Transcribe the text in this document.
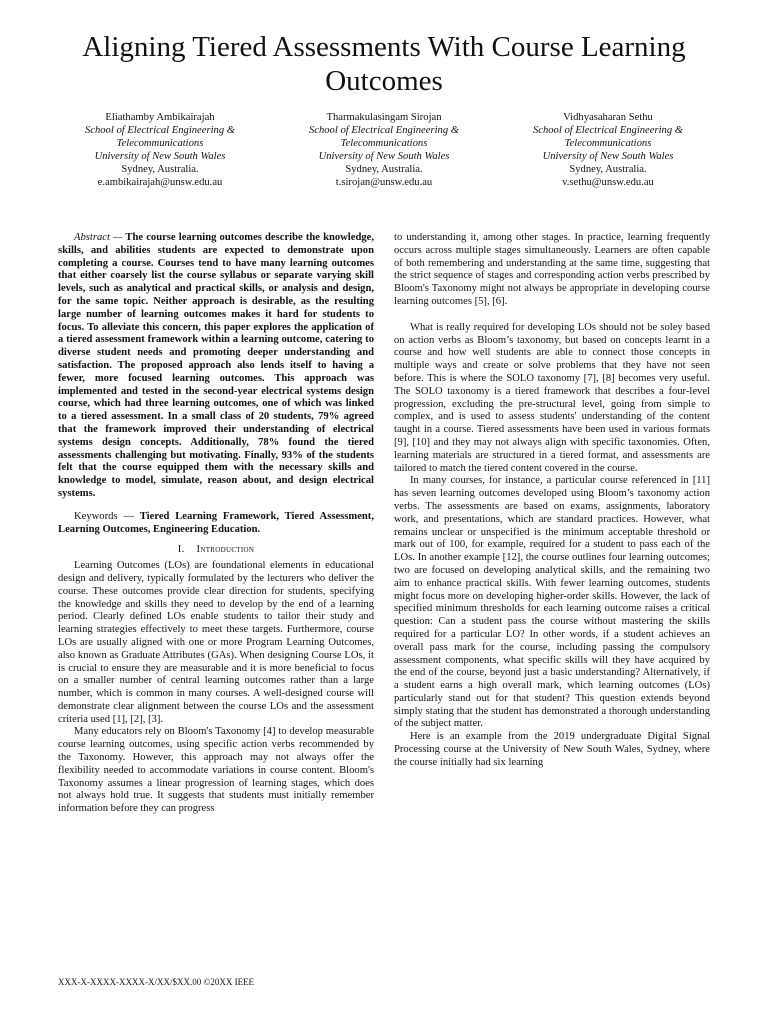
Aligning Tiered Assessments With Course Learning Outcomes
Eliathamby Ambikairajah
School of Electrical Engineering & Telecommunications
University of New South Wales
Sydney, Australia.
e.ambikairajah@unsw.edu.au
Tharmakulasingam Sirojan
School of Electrical Engineering & Telecommunications
University of New South Wales
Sydney, Australia.
t.sirojan@unsw.edu.au
Vidhyasaharan Sethu
School of Electrical Engineering & Telecommunications
University of New South Wales
Sydney, Australia.
v.sethu@unsw.edu.au

Abstract — The course learning outcomes describe the knowledge, skills, and abilities students are expected to demonstrate upon completing a course. Courses tend to have many learning outcomes that either coarsely list the course syllabus or separate varying skill levels, such as analytical and practical skills, or analysis and design, for the same topic. Neither approach is desirable, as the resulting large number of learning outcomes makes it hard for students to focus. To alleviate this concern, this paper explores the application of a tiered assessment framework within a learning outcome, catering to diverse student needs and promoting deeper understanding and satisfaction. The proposed approach also lends itself to having a fewer, more focused learning outcomes. This approach was implemented and tested in the second-year electrical systems design course, which had three learning outcomes, one of which was linked to a tiered assessment. In a small class of 20 students, 79% agreed that the framework improved their understanding of electrical systems design concepts. Additionally, 78% found the tiered assessments challenging but motivating. Finally, 93% of the students felt that the course equipped them with the necessary skills and knowledge to model, simulate, reason about, and design electrical systems.

Keywords — Tiered Learning Framework, Tiered Assessment, Learning Outcomes, Engineering Education.

I. Introduction

Learning Outcomes (LOs) are foundational elements in educational design and delivery, typically formulated by the lecturers who deliver the course. These outcomes provide clear direction for students, specifying the knowledge and skills they need to develop by the end of a learning period. Clearly defined LOs enable students to tailor their study and learning strategies effectively to meet these targets. Furthermore, course LOs are usually aligned with one or more Program Learning Outcomes, also known as Graduate Attributes (GAs). When designing Course LOs, it is crucial to ensure they are measurable and it is more beneficial to focus on a smaller number of central learning outcomes rather than a large number, which is common in many courses. A well-designed course will demonstrate clear alignment between the course LOs and the assessment criteria used [1], [2], [3].

Many educators rely on Bloom's Taxonomy [4] to develop measurable course learning outcomes, using specific action verbs recommended by the Taxonomy. However, this approach may not always offer the flexibility needed to accommodate variations in course content. Bloom's Taxonomy assumes a linear progression of learning stages, which does not always hold true. It suggests that students must initially remember information before they can progress

to understanding it, among other stages. In practice, learning frequently occurs across multiple stages simultaneously. Learners are often capable of both remembering and understanding at the same time, suggesting that the strict sequence of stages and corresponding action verbs prescribed by Bloom's Taxonomy might not always be appropriate in developing course learning outcomes [5], [6].

What is really required for developing LOs should not be soley based on action verbs as Bloom’s taxonomy, but based on concepts learnt in a course and how well students are able to connect those concepts in multiple ways and create or solve problems that they have not seen before. This is where the SOLO taxonomy [7], [8] becomes very useful. The SOLO taxonomy is a tiered framework that describes a four-level progression, excluding the pre-structural level, going from simple to complex, and is used to assess students' understanding of the content taught in a course. Tiered assessments have been used in various formats [9], [10] and they may not always align with specific taxonomies. Often, learning materials are structured in a tiered format, and assessments are tailored to match the tiered content covered in the course.

In many courses, for instance, a particular course referenced in [11] has seven learning outcomes developed using Bloom’s taxonomy action verbs. The assessments are based on exams, assignments, laboratory work, and presentations, which are standard practices. However, what remains unclear or unspecified is the minimum acceptable threshold or mark out of 100, for example, required for a student to pass each of the LOs. In another example [12], the course outlines four learning outcomes; two are focused on developing analytical skills, and the remaining two aim to enhance practical skills. With fewer learning outcomes, students might focus more on developing higher-order skills. However, the lack of specified minimum thresholds for each learning outcome raises a critical question: Can a student pass the course without mastering the skills required for a particular LO? In other words, if a student achieves an overall pass mark for the course, including passing the compulsory assessment components, what specific skills will they have acquired by the end of the course, beyond just a basic understanding? Alternatively, if a student earns a high overall mark, which learning outcomes (LOs) particularly stand out for that student? This question extends beyond simply stating that the student has demonstrated a thorough understanding of the subject matter.

Here is an example from the 2019 undergraduate Digital Signal Processing course at the University of New South Wales, Sydney, where the course initially had six learning

XXX-X-XXXX-XXXX-X/XX/$XX.00 ©20XX IEEE
